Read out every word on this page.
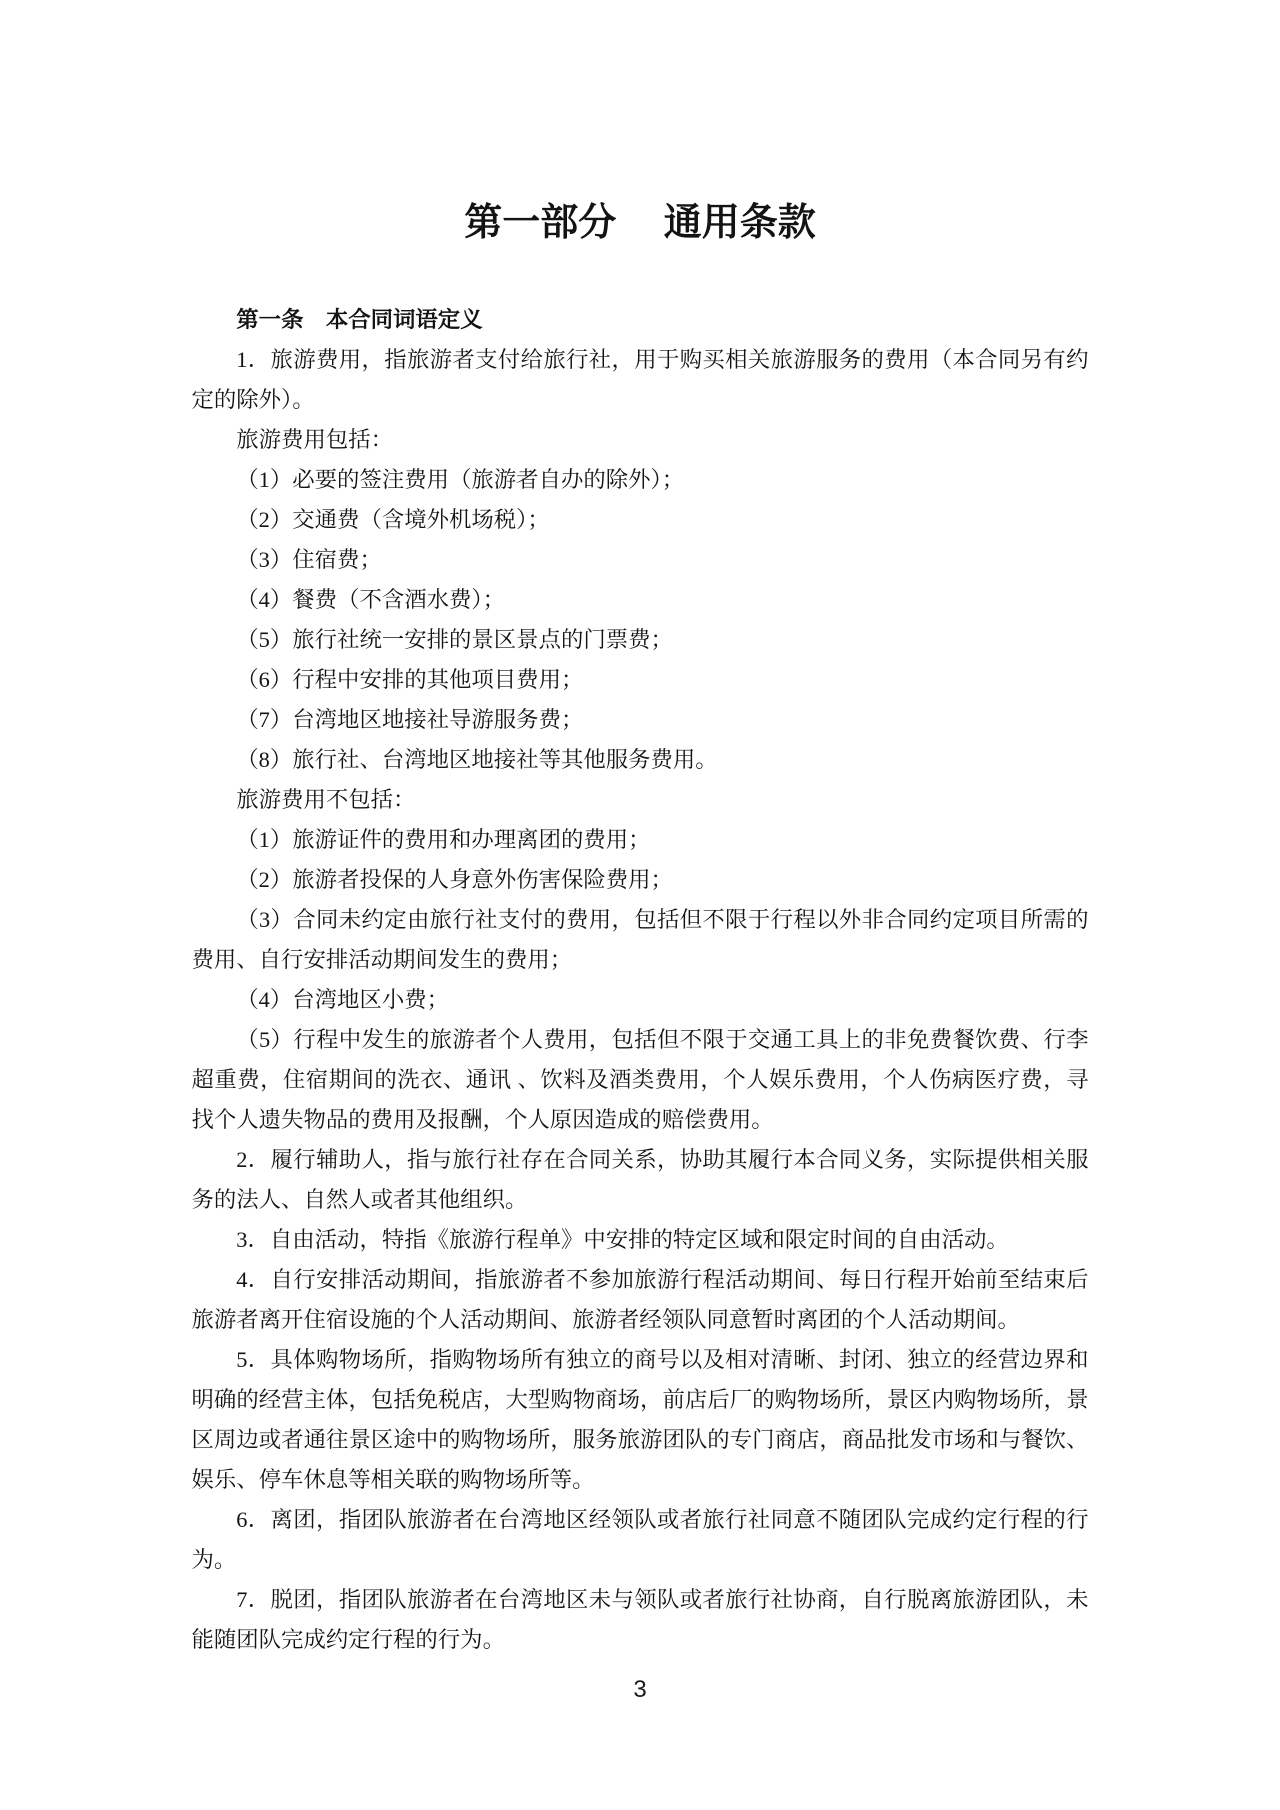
第一部分　 通用条款

第一条　本合同词语定义

1．旅游费用，指旅游者支付给旅行社，用于购买相关旅游服务的费用（本合同另有约定的除外）。

旅游费用包括：

（1）必要的签注费用（旅游者自办的除外）；

（2）交通费（含境外机场税）；

（3）住宿费；

（4）餐费（不含酒水费）；

（5）旅行社统一安排的景区景点的门票费；

（6）行程中安排的其他项目费用；

（7）台湾地区地接社导游服务费；

（8）旅行社、台湾地区地接社等其他服务费用。

旅游费用不包括：

（1）旅游证件的费用和办理离团的费用；

（2）旅游者投保的人身意外伤害保险费用；

（3）合同未约定由旅行社支付的费用，包括但不限于行程以外非合同约定项目所需的费用、自行安排活动期间发生的费用；

（4）台湾地区小费；

（5）行程中发生的旅游者个人费用，包括但不限于交通工具上的非免费餐饮费、行李超重费，住宿期间的洗衣、通讯 、饮料及酒类费用，个人娱乐费用，个人伤病医疗费，寻找个人遗失物品的费用及报酬，个人原因造成的赔偿费用。

2．履行辅助人，指与旅行社存在合同关系，协助其履行本合同义务，实际提供相关服务的法人、自然人或者其他组织。

3．自由活动，特指《旅游行程单》中安排的特定区域和限定时间的自由活动。

4．自行安排活动期间，指旅游者不参加旅游行程活动期间、每日行程开始前至结束后旅游者离开住宿设施的个人活动期间、旅游者经领队同意暂时离团的个人活动期间。

5．具体购物场所，指购物场所有独立的商号以及相对清晰、封闭、独立的经营边界和明确的经营主体，包括免税店，大型购物商场，前店后厂的购物场所，景区内购物场所，景区周边或者通往景区途中的购物场所，服务旅游团队的专门商店，商品批发市场和与餐饮、娱乐、停车休息等相关联的购物场所等。

6．离团，指团队旅游者在台湾地区经领队或者旅行社同意不随团队完成约定行程的行为。

7．脱团，指团队旅游者在台湾地区未与领队或者旅行社协商，自行脱离旅游团队，未能随团队完成约定行程的行为。

3
